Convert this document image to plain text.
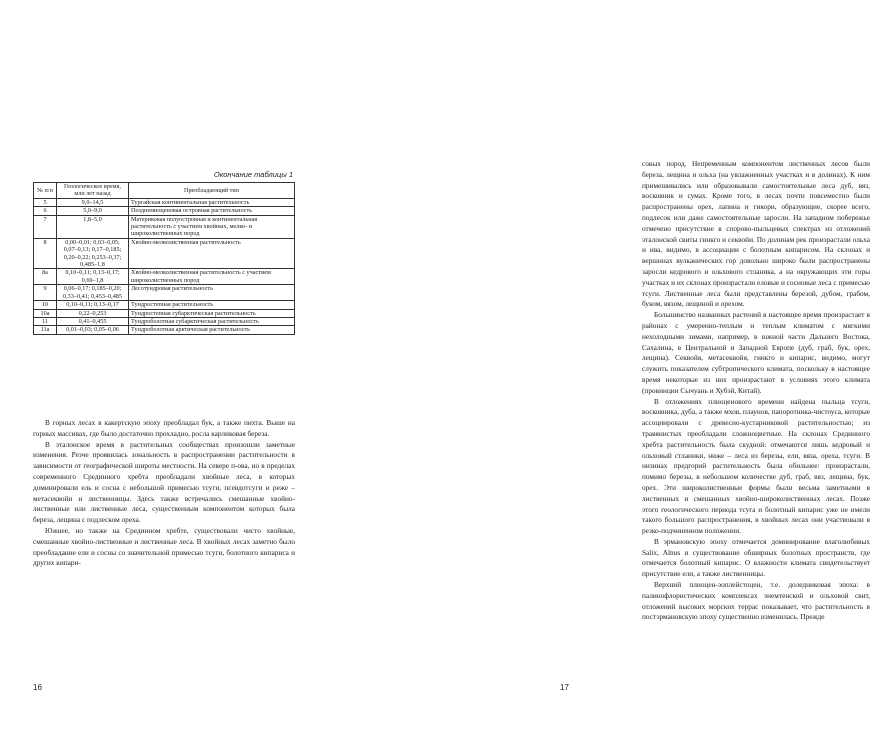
Окончание таблицы 1
№ п/п	Геологическое время, млн лет назад	Преобладающий тип
5	9,0–14,5	Тургайская континентальная растительность
6	5,0–9,0	Позднемиоценовая островная растительность
7	1,8–5,0	Материковая полуостровная и континентальная растительность с участием хвойных, мелко- и широколиственных пород
8	0,00–0,01; 0,03–0,05; 0,07–0,13; 0,17–0,185; 0,20–0,22; 0,253–0,37; 0,485–1,8	Хвойно-мелколиственная растительность
8а	0,10–0,11; 0,13–0,17; 0,69–1,8	Хвойно-мелколиственная растительность с участием широколиственных пород
9	0,06–0,17; 0,185–0,20; 0,33–0,41; 0,453–0,485	Лесотундровая растительность
10	0,10–0,11; 0,13–0,17	Тундростепная растительность
10а	0,22–0,253	Тундростепная субарктическая растительность
11	0,41–0,455	Тундроболотная субарктическая растительность
11а	0,01–0,03; 0,05–0,06	Тундроболотная арктическая растительность

В горных лесах в какертскую эпоху преобладал бук, а также пихта. Выше на горных массивах, где было достаточно прохладно, росла карликовая береза.

В эталонское время в растительных сообществах произошли заметные изменения. Резче проявилась зональность в распространении растительности в зависимости от географической широты местности. На севере п-ова, но в пределах современного Срединного хребта преобладали хвойные леса, в которых доминировали ель и сосна с небольшой примесью тсуги, псевдотсуги и реже – метасеквойи и лиственницы. Здесь также встречались смешанные хвойно-лиственные или лиственные леса, существенным компонентом которых была береза, лещина с подлеском ореха.

Южнее, но также на Срединном хребте, существовали чисто хвойные, смешанные хвойно-лиственные и лиственные леса. В хвойных лесах заметно было преобладание ели и сосны со значительной примесью тсуги, болотного кипариса и других кипари-

16

совых пород. Непременным компонентом лиственных лесов были береза, лещина и ольха (на увлажненных участках и в долинах). К ним примешивались или образовывали самостоятельные леса дуб, вяз, восковник и сумах. Кроме того, в лесах почти повсеместно были распространены орех, лапина и гикори, образующие, скорее всего, подлесок или даже самостоятельные заросли. На западном побережье отмечено присутствие в спорово-пыльцевых спектрах из отложений эталонской свиты гинкго и секвойи. По долинам рек произрастали ольха и ива, видимо, в ассоциации с болотным кипарисом. На склонах и вершинах вулканических гор довольно широко были распространены заросли кедрового и ольхового стланика, а на окружающих эти горы участках и их склонах произрастали еловые и сосновые леса с примесью тсуги. Лиственные леса были представлены березой, дубом, грабом, буком, вязом, лещиной и орехом.

Большинство названных растений в настоящее время произрастает в районах с умеренно-теплым и теплым климатом с мягкими нехолодными зимами, например, в южной части Дальнего Востока, Сахалина, в Центральной и Западной Европе (дуб, граб, бук, орех, лещина). Секвойя, метасеквойя, гинкго и кипарис, видимо, могут служить показателем субтропического климата, поскольку в настоящее время некоторые из них произрастают в условиях этого климата (провинции Сычуань и Хубэй, Китай).

В отложениях плиоценового времени найдена пыльца тсуги, восковника, дуба, а также мхов, плаунов, папоротника-чистоуса, которые ассоциировали с древесно-кустарниковой растительностью; из травянистых преобладали сложноцветные. На склонах Срединного хребта растительность была скудной: отмечаются лишь кедровый и ольховый стланики, ниже – леса из березы, ели, вяза, ореха, тсуги. В низинах предгорий растительность была обильнее: произрастали, помимо березы, в небольшом количестве дуб, граб, вяз, лещина, бук, орех. Эти широколиственные формы были весьма заметными в лиственных и смешанных хвойно-широколиственных лесах. Позже этого геологического периода тсуга и болотный кипарис уже не имели такого большого распространения, в хвойных лесах они участвовали в резко-подчиненном положении.

В эрмановскую эпоху отмечается доминирование влаголюбивых Salix, Alnus и существование обширных болотных пространств, где отмечается болотный кипарис. О влажности климата свидетельствует присутствие ели, а также лиственницы.

Верхний плиоцен-эоплейстоцен, т.е. доледниковая эпоха: в палинофлористических комплексах энемтенской и ольховой свит, отложений высоких морских террас показывает, что растительность в постэрмановскую эпоху существенно изменилась. Прежде

17
